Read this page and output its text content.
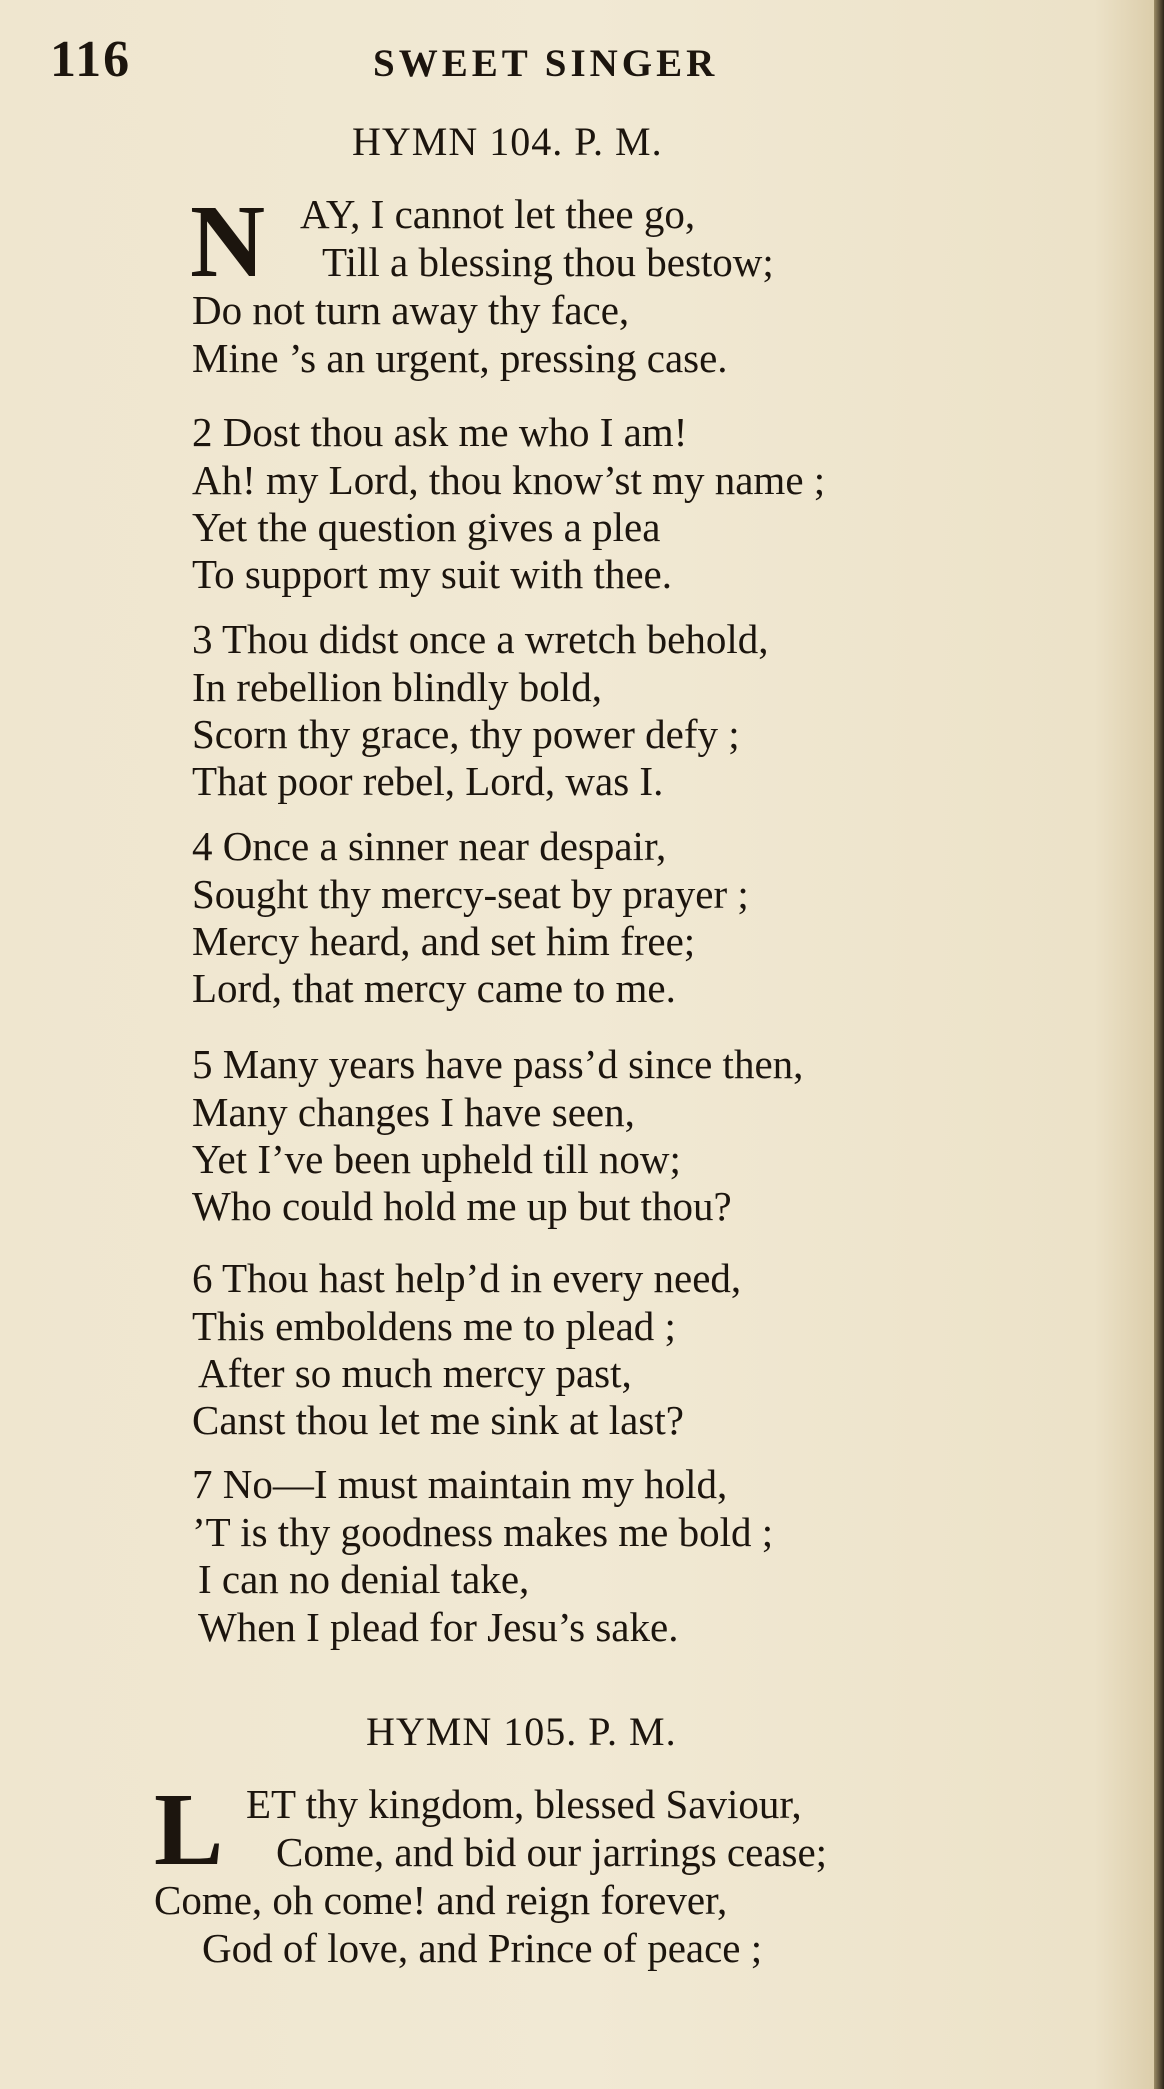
116	SWEET SINGER
HYMN 104. P. M.
N AY, I cannot let thee go,
Till a blessing thou bestow;
Do not turn away thy face,
Mine ’s an urgent, pressing case.
2 Dost thou ask me who I am!
Ah! my Lord, thou know’st my name ;
Yet the question gives a plea
To support my suit with thee.
3 Thou didst once a wretch behold,
In rebellion blindly bold,
Scorn thy grace, thy power defy ;
That poor rebel, Lord, was I.
4 Once a sinner near despair,
Sought thy mercy-seat by prayer ;
Mercy heard, and set him free;
Lord, that mercy came to me.
5 Many years have pass’d since then,
Many changes I have seen,
Yet I’ve been upheld till now;
Who could hold me up but thou?
6 Thou hast help’d in every need,
This emboldens me to plead ;
After so much mercy past,
Canst thou let me sink at last?
7 No—I must maintain my hold,
’T is thy goodness makes me bold ;
I can no denial take,
When I plead for Jesu’s sake.
HYMN 105. P. M.
L ET thy kingdom, blessed Saviour,
Come, and bid our jarrings cease;
Come, oh come! and reign forever,
God of love, and Prince of peace ;
